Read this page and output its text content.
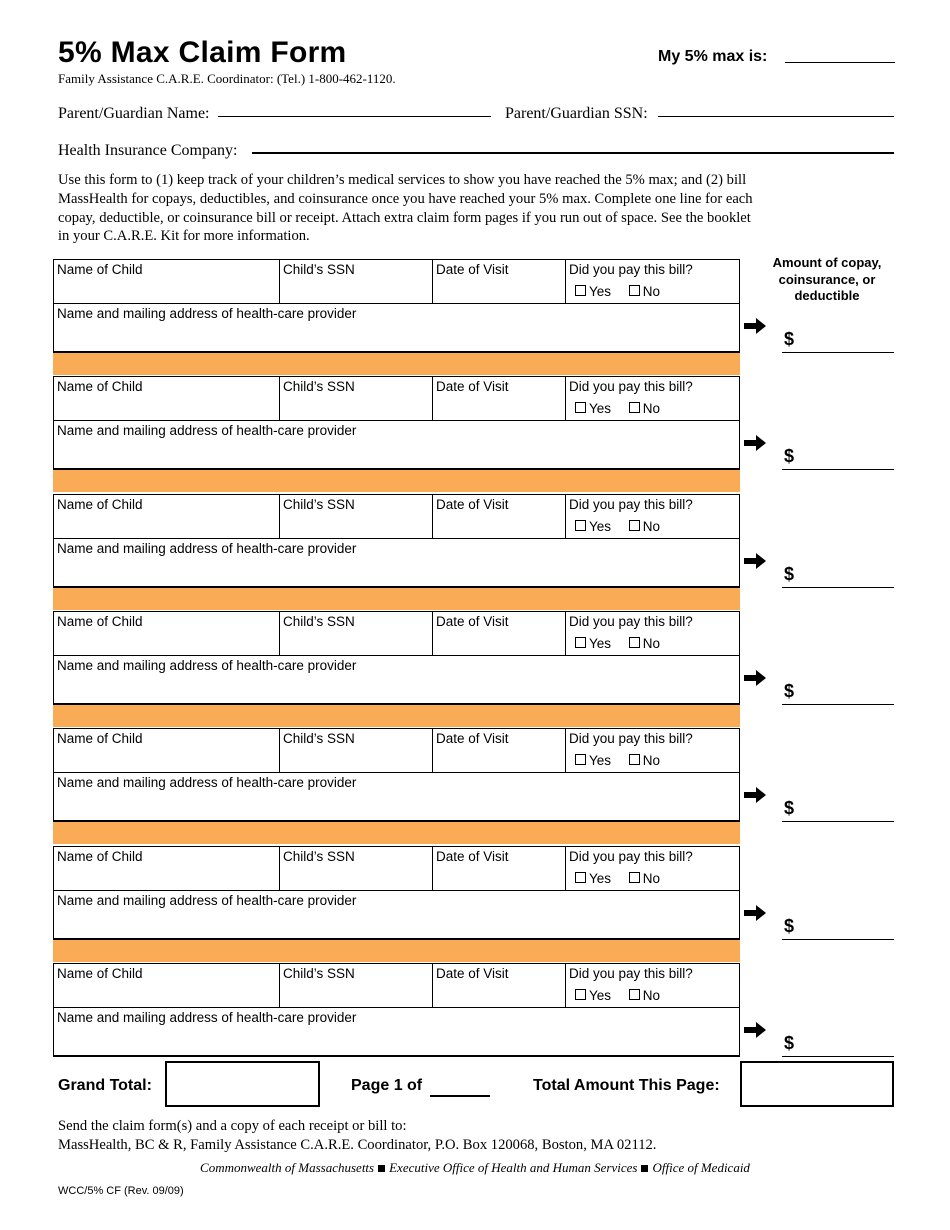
5% Max Claim Form
Family Assistance C.A.R.E. Coordinator: (Tel.) 1-800-462-1120.
My 5% max is:
Parent/Guardian Name:	Parent/Guardian SSN:
Health Insurance Company:
Use this form to (1) keep track of your children’s medical services to show you have reached the 5% max; and (2) bill MassHealth for copays, deductibles, and coinsurance once you have reached your 5% max. Complete one line for each copay, deductible, or coinsurance bill or receipt. Attach extra claim form pages if you run out of space. See the booklet in your C.A.R.E. Kit for more information.
Amount of copay, coinsurance, or deductible
Name of Child	Child’s SSN	Date of Visit	Did you pay this bill?
Yes No
Name and mailing address of health-care provider
$
Name of Child	Child’s SSN	Date of Visit	Did you pay this bill?
Yes No
Name and mailing address of health-care provider
$
Name of Child	Child’s SSN	Date of Visit	Did you pay this bill?
Yes No
Name and mailing address of health-care provider
$
Name of Child	Child’s SSN	Date of Visit	Did you pay this bill?
Yes No
Name and mailing address of health-care provider
$
Name of Child	Child’s SSN	Date of Visit	Did you pay this bill?
Yes No
Name and mailing address of health-care provider
$
Name of Child	Child’s SSN	Date of Visit	Did you pay this bill?
Yes No
Name and mailing address of health-care provider
$
Name of Child	Child’s SSN	Date of Visit	Did you pay this bill?
Yes No
Name and mailing address of health-care provider
$
Grand Total:	Page 1 of	Total Amount This Page:
Send the claim form(s) and a copy of each receipt or bill to:
MassHealth, BC & R, Family Assistance C.A.R.E. Coordinator, P.O. Box 120068, Boston, MA 02112.
Commonwealth of Massachusetts Executive Office of Health and Human Services Office of Medicaid
WCC/5% CF (Rev. 09/09)
